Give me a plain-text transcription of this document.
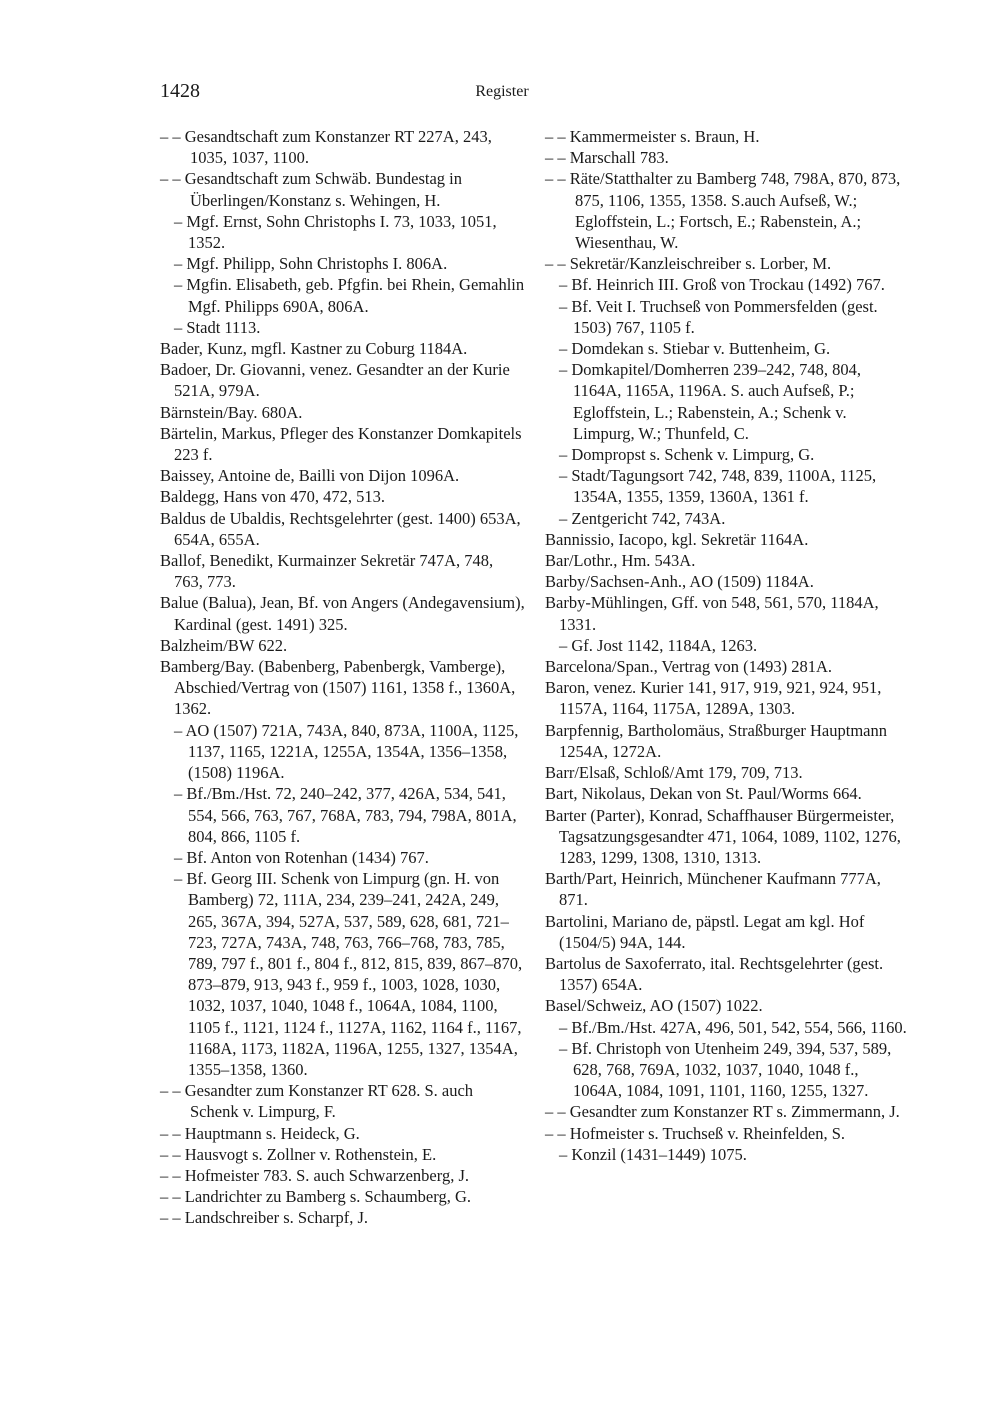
1428	Register

– – Gesandtschaft zum Konstanzer RT 227A, 243, 1035, 1037, 1100.

– – Gesandtschaft zum Schwäb. Bundestag in Überlingen/Konstanz s. Wehingen, H.

– Mgf. Ernst, Sohn Christophs I. 73, 1033, 1051, 1352.

– Mgf. Philipp, Sohn Christophs I. 806A.

– Mgfin. Elisabeth, geb. Pfgfin. bei Rhein, Gemahlin Mgf. Philipps 690A, 806A.

– Stadt 1113.

Bader, Kunz, mgfl. Kastner zu Coburg 1184A.

Badoer, Dr. Giovanni, venez. Gesandter an der Kurie 521A, 979A.

Bärnstein/Bay. 680A.

Bärtelin, Markus, Pfleger des Konstanzer Domkapitels 223 f.

Baissey, Antoine de, Bailli von Dijon 1096A.

Baldegg, Hans von 470, 472, 513.

Baldus de Ubaldis, Rechtsgelehrter (gest. 1400) 653A, 654A, 655A.

Ballof, Benedikt, Kurmainzer Sekretär 747A, 748, 763, 773.

Balue (Balua), Jean, Bf. von Angers (Andegavensium), Kardinal (gest. 1491) 325.

Balzheim/BW 622.

Bamberg/Bay. (Babenberg, Pabenbergk, Vamberge), Abschied/Vertrag von (1507) 1161, 1358 f., 1360A, 1362.

– AO (1507) 721A, 743A, 840, 873A, 1100A, 1125, 1137, 1165, 1221A, 1255A, 1354A, 1356–1358, (1508) 1196A.

– Bf./Bm./Hst. 72, 240–242, 377, 426A, 534, 541, 554, 566, 763, 767, 768A, 783, 794, 798A, 801A, 804, 866, 1105 f.

– Bf. Anton von Rotenhan (1434) 767.

– Bf. Georg III. Schenk von Limpurg (gn. H. von Bamberg) 72, 111A, 234, 239–241, 242A, 249, 265, 367A, 394, 527A, 537, 589, 628, 681, 721–723, 727A, 743A, 748, 763, 766–768, 783, 785, 789, 797 f., 801 f., 804 f., 812, 815, 839, 867–870, 873–879, 913, 943 f., 959 f., 1003, 1028, 1030, 1032, 1037, 1040, 1048 f., 1064A, 1084, 1100, 1105 f., 1121, 1124 f., 1127A, 1162, 1164 f., 1167, 1168A, 1173, 1182A, 1196A, 1255, 1327, 1354A, 1355–1358, 1360.

– – Gesandter zum Konstanzer RT 628. S. auch Schenk v. Limpurg, F.

– – Hauptmann s. Heideck, G.

– – Hausvogt s. Zollner v. Rothenstein, E.

– – Hofmeister 783. S. auch Schwarzenberg, J.

– – Landrichter zu Bamberg s. Schaumberg, G.

– – Landschreiber s. Scharpf, J.

– – Kammermeister s. Braun, H.

– – Marschall 783.

– – Räte/Statthalter zu Bamberg 748, 798A, 870, 873, 875, 1106, 1355, 1358. S.auch Aufseß, W.; Egloffstein, L.; Fortsch, E.; Rabenstein, A.; Wiesenthau, W.

– – Sekretär/Kanzleischreiber s. Lorber, M.

– Bf. Heinrich III. Groß von Trockau (1492) 767.

– Bf. Veit I. Truchseß von Pommersfelden (gest. 1503) 767, 1105 f.

– Domdekan s. Stiebar v. Buttenheim, G.

– Domkapitel/Domherren 239–242, 748, 804, 1164A, 1165A, 1196A. S. auch Aufseß, P.; Egloffstein, L.; Rabenstein, A.; Schenk v. Limpurg, W.; Thunfeld, C.

– Dompropst s. Schenk v. Limpurg, G.

– Stadt/Tagungsort 742, 748, 839, 1100A, 1125, 1354A, 1355, 1359, 1360A, 1361 f.

– Zentgericht 742, 743A.

Bannissio, Iacopo, kgl. Sekretär 1164A.

Bar/Lothr., Hm. 543A.

Barby/Sachsen-Anh., AO (1509) 1184A.

Barby-Mühlingen, Gff. von 548, 561, 570, 1184A, 1331.

– Gf. Jost 1142, 1184A, 1263.

Barcelona/Span., Vertrag von (1493) 281A.

Baron, venez. Kurier 141, 917, 919, 921, 924, 951, 1157A, 1164, 1175A, 1289A, 1303.

Barpfennig, Bartholomäus, Straßburger Hauptmann 1254A, 1272A.

Barr/Elsaß, Schloß/Amt 179, 709, 713.

Bart, Nikolaus, Dekan von St. Paul/Worms 664.

Barter (Parter), Konrad, Schaffhauser Bürgermeister, Tagsatzungsgesandter 471, 1064, 1089, 1102, 1276, 1283, 1299, 1308, 1310, 1313.

Barth/Part, Heinrich, Münchener Kaufmann 777A, 871.

Bartolini, Mariano de, päpstl. Legat am kgl. Hof (1504/5) 94A, 144.

Bartolus de Saxoferrato, ital. Rechtsgelehrter (gest. 1357) 654A.

Basel/Schweiz, AO (1507) 1022.

– Bf./Bm./Hst. 427A, 496, 501, 542, 554, 566, 1160.

– Bf. Christoph von Utenheim 249, 394, 537, 589, 628, 768, 769A, 1032, 1037, 1040, 1048 f., 1064A, 1084, 1091, 1101, 1160, 1255, 1327.

– – Gesandter zum Konstanzer RT s. Zimmermann, J.

– – Hofmeister s. Truchseß v. Rheinfelden, S.

– Konzil (1431–1449) 1075.
